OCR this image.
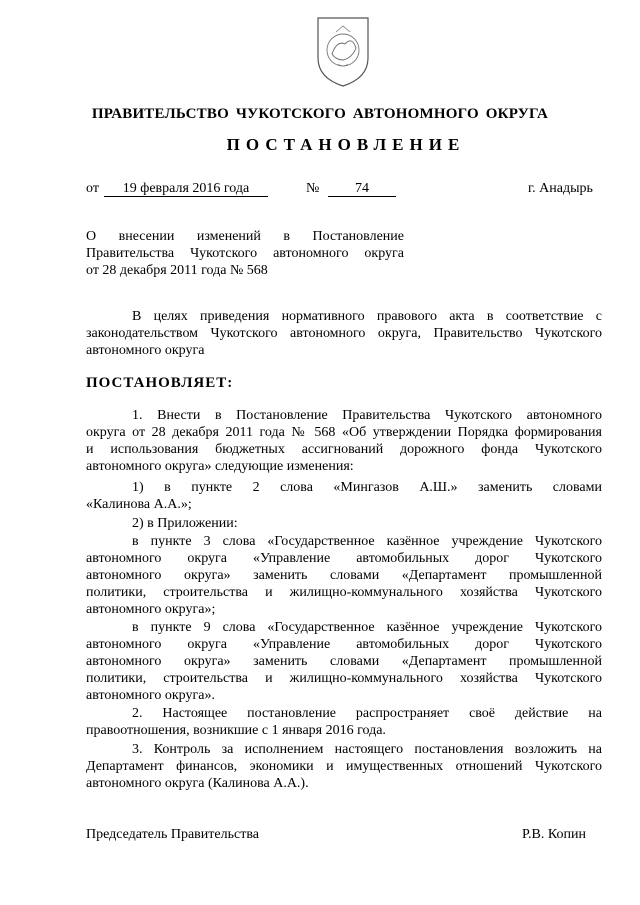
ПРАВИТЕЛЬСТВО ЧУКОТСКОГО АВТОНОМНОГО ОКРУГА
ПОСТАНОВЛЕНИЕ
от	19 февраля 2016 года	№	74	г. Анадырь
О внесении изменений в Постановление
Правительства Чукотского автономного округа
от 28 декабря 2011 года № 568
В целях приведения нормативного правового акта в соответствие с
законодательством Чукотского автономного округа, Правительство Чукотского
автономного округа
ПОСТАНОВЛЯЕТ:
1. Внести в Постановление Правительства Чукотского автономного
округа от 28 декабря 2011 года № 568 «Об утверждении Порядка формирования
и использования бюджетных ассигнований дорожного фонда Чукотского
автономного округа» следующие изменения:
1) в пункте 2 слова «Мингазов А.Ш.» заменить словами
«Калинова А.А.»;
2) в Приложении:
в пункте 3 слова «Государственное казённое учреждение Чукотского
автономного округа «Управление автомобильных дорог Чукотского
автономного округа» заменить словами «Департамент промышленной
политики, строительства и жилищно-коммунального хозяйства Чукотского
автономного округа»;
в пункте 9 слова «Государственное казённое учреждение Чукотского
автономного округа «Управление автомобильных дорог Чукотского
автономного округа» заменить словами «Департамент промышленной
политики, строительства и жилищно-коммунального хозяйства Чукотского
автономного округа».
2. Настоящее постановление распространяет своё действие на
правоотношения, возникшие с 1 января 2016 года.
3. Контроль за исполнением настоящего постановления возложить на
Департамент финансов, экономики и имущественных отношений Чукотского
автономного округа (Калинова А.А.).
Председатель Правительства	Р.В. Копин
